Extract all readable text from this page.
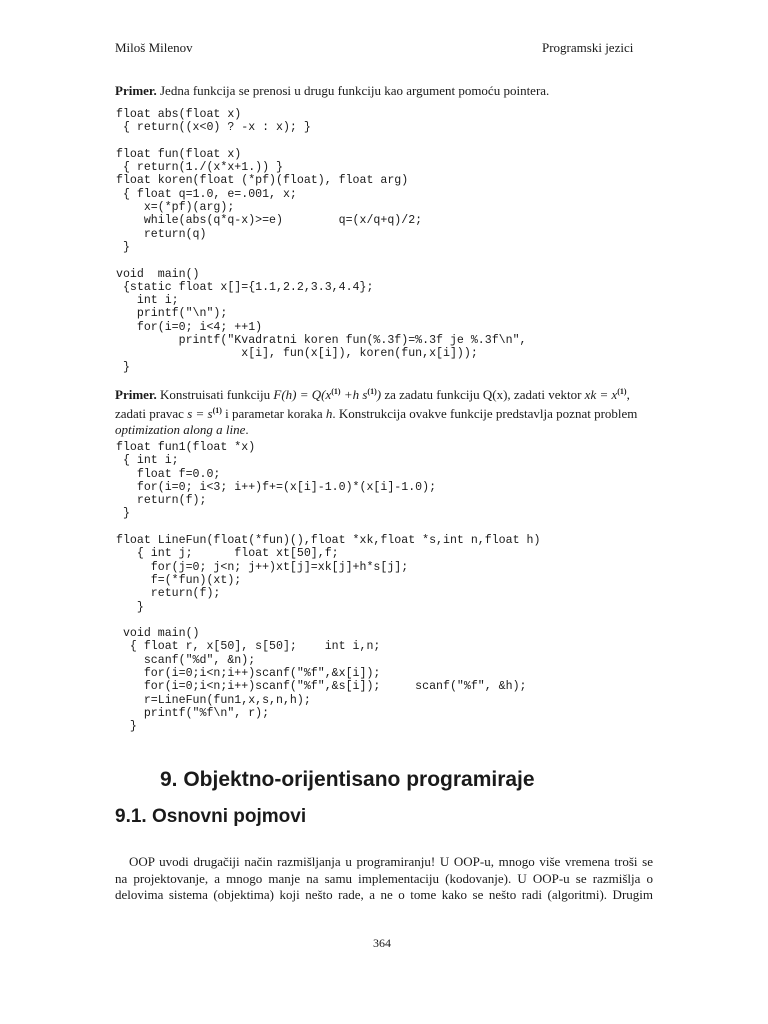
Miloš Milenov	Programski jezici
Primer. Jedna funkcija se prenosi u drugu funkciju kao argument pomoću pointera.
float abs(float x)
{ return((x<0) ? -x : x); }

float fun(float x)
{ return(1./(x*x+1.)) }
float koren(float (*pf)(float), float arg)
{ float q=1.0, e=.001, x;
x=(*pf)(arg);
while(abs(q*q-x)>=e)        q=(x/q+q)/2;
return(q)
}

void  main()
{static float x[]={1.1,2.2,3.3,4.4};
int i;
printf("\n");
for(i=0; i<4; ++1)
printf("Kvadratni koren fun(%.3f)=%.3f je %.3f\n",
x[i], fun(x[i]), koren(fun,x[i]));
}
Primer. Konstruisati funkciju $F(h) = Q(x^{(1)} +h$ $s^{(1)}$) za zadatu funkciju Q(x), zadati vektor xk = $x^{(1)}$,
zadati pravac $s = s^{(1)}$ i parametar koraka h. Konstrukcija ovakve funkcije predstavlja poznat problem
optimization along a line.
float fun1(float *x)
{ int i;
float f=0.0;
for(i=0; i<3; i++)f+=(x[i]-1.0)*(x[i]-1.0);
return(f);
}

float LineFun(float(*fun)(),float *xk,float *s,int n,float h)
{ int j;      float xt[50],f;
for(j=0; j<n; j++)xt[j]=xk[j]+h*s[j];
f=(*fun)(xt);
return(f);
}

void main()
{ float r, x[50], s[50];    int i,n;
scanf("%d", &n);
for(i=0;i<n;i++)scanf("%f",&x[i]);
for(i=0;i<n;i++)scanf("%f",&s[i]);     scanf("%f", &h);
r=LineFun(fun1,x,s,n,h);
printf("%f\n", r);
}
9. Objektno-orijentisano programiraje
9.1. Osnovni pojmovi
OOP uvodi drugačiji način razmišljanja u programiranju! U OOP-u, mnogo više vremena troši se
na projektovanje, a mnogo manje na samu implementaciju (kodovanje). U OOP-u se razmišlja o
delovima sistema (objektima) koji nešto rade, a ne o tome kako se nešto radi (algoritmi). Drugim
364
